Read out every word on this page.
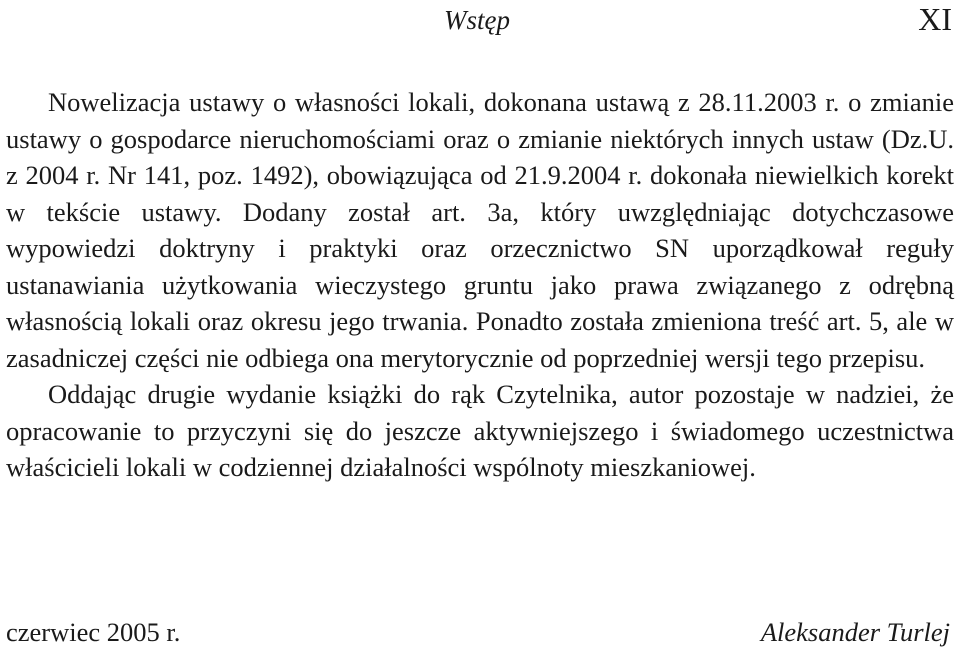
Wstęp	XI

Nowelizacja ustawy o własności lokali, dokonana ustawą z 28.11.2003 r. o zmianie ustawy o gospodarce nieruchomościami oraz o zmianie niektórych innych ustaw (Dz.U. z 2004 r. Nr 141, poz. 1492), obowiązująca od 21.9.2004 r. dokonała niewielkich korekt w tekście ustawy. Dodany został art. 3a, który uwzględniając dotychczasowe wypowiedzi doktryny i praktyki oraz orzecznictwo SN uporządkował reguły ustanawiania użytkowania wieczystego gruntu jako prawa związanego z odrębną własnością lokali oraz okresu jego trwania. Ponadto została zmieniona treść art. 5, ale w zasadniczej części nie odbiega ona merytorycznie od poprzedniej wersji tego przepisu.

Oddając drugie wydanie książki do rąk Czytelnika, autor pozostaje w nadziei, że opracowanie to przyczyni się do jeszcze aktywniejszego i świadomego uczestnictwa właścicieli lokali w codziennej działalności wspólnoty mieszkaniowej.

czerwiec 2005 r.	Aleksander Turlej
